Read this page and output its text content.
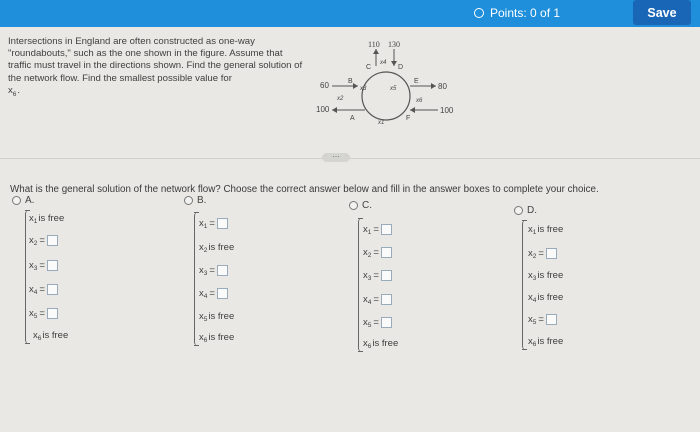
Points: 0 of 1	Save
Intersections in England are often constructed as one-way "roundabouts," such as the one shown in the figure. Assume that traffic must travel in the directions shown. Find the general solution of the network flow. Find the smallest possible value for
$x_6$.
110 130
60
100
80
100
B
C	D
E
F
A
x2
x3
x4
x5
x6
x1
⋯
What is the general solution of the network flow? Choose the correct answer below and fill in the answer boxes to complete your choice.
A.
x 1 is free
x 2 =
x 3 =
x 4 =
x 5 =
x 6 is free
B.
x 1 =
x 2 is free
x 3 =
x 4 =
x 5 is free
x 6 is free
C.
x 1 =
x 2 =
x 3 =
x 4 =
x 5 =
x 6 is free
D.
x 1 is free
x 2 =
x 3 is free
x 4 is free
x 5 =
x 6 is free
